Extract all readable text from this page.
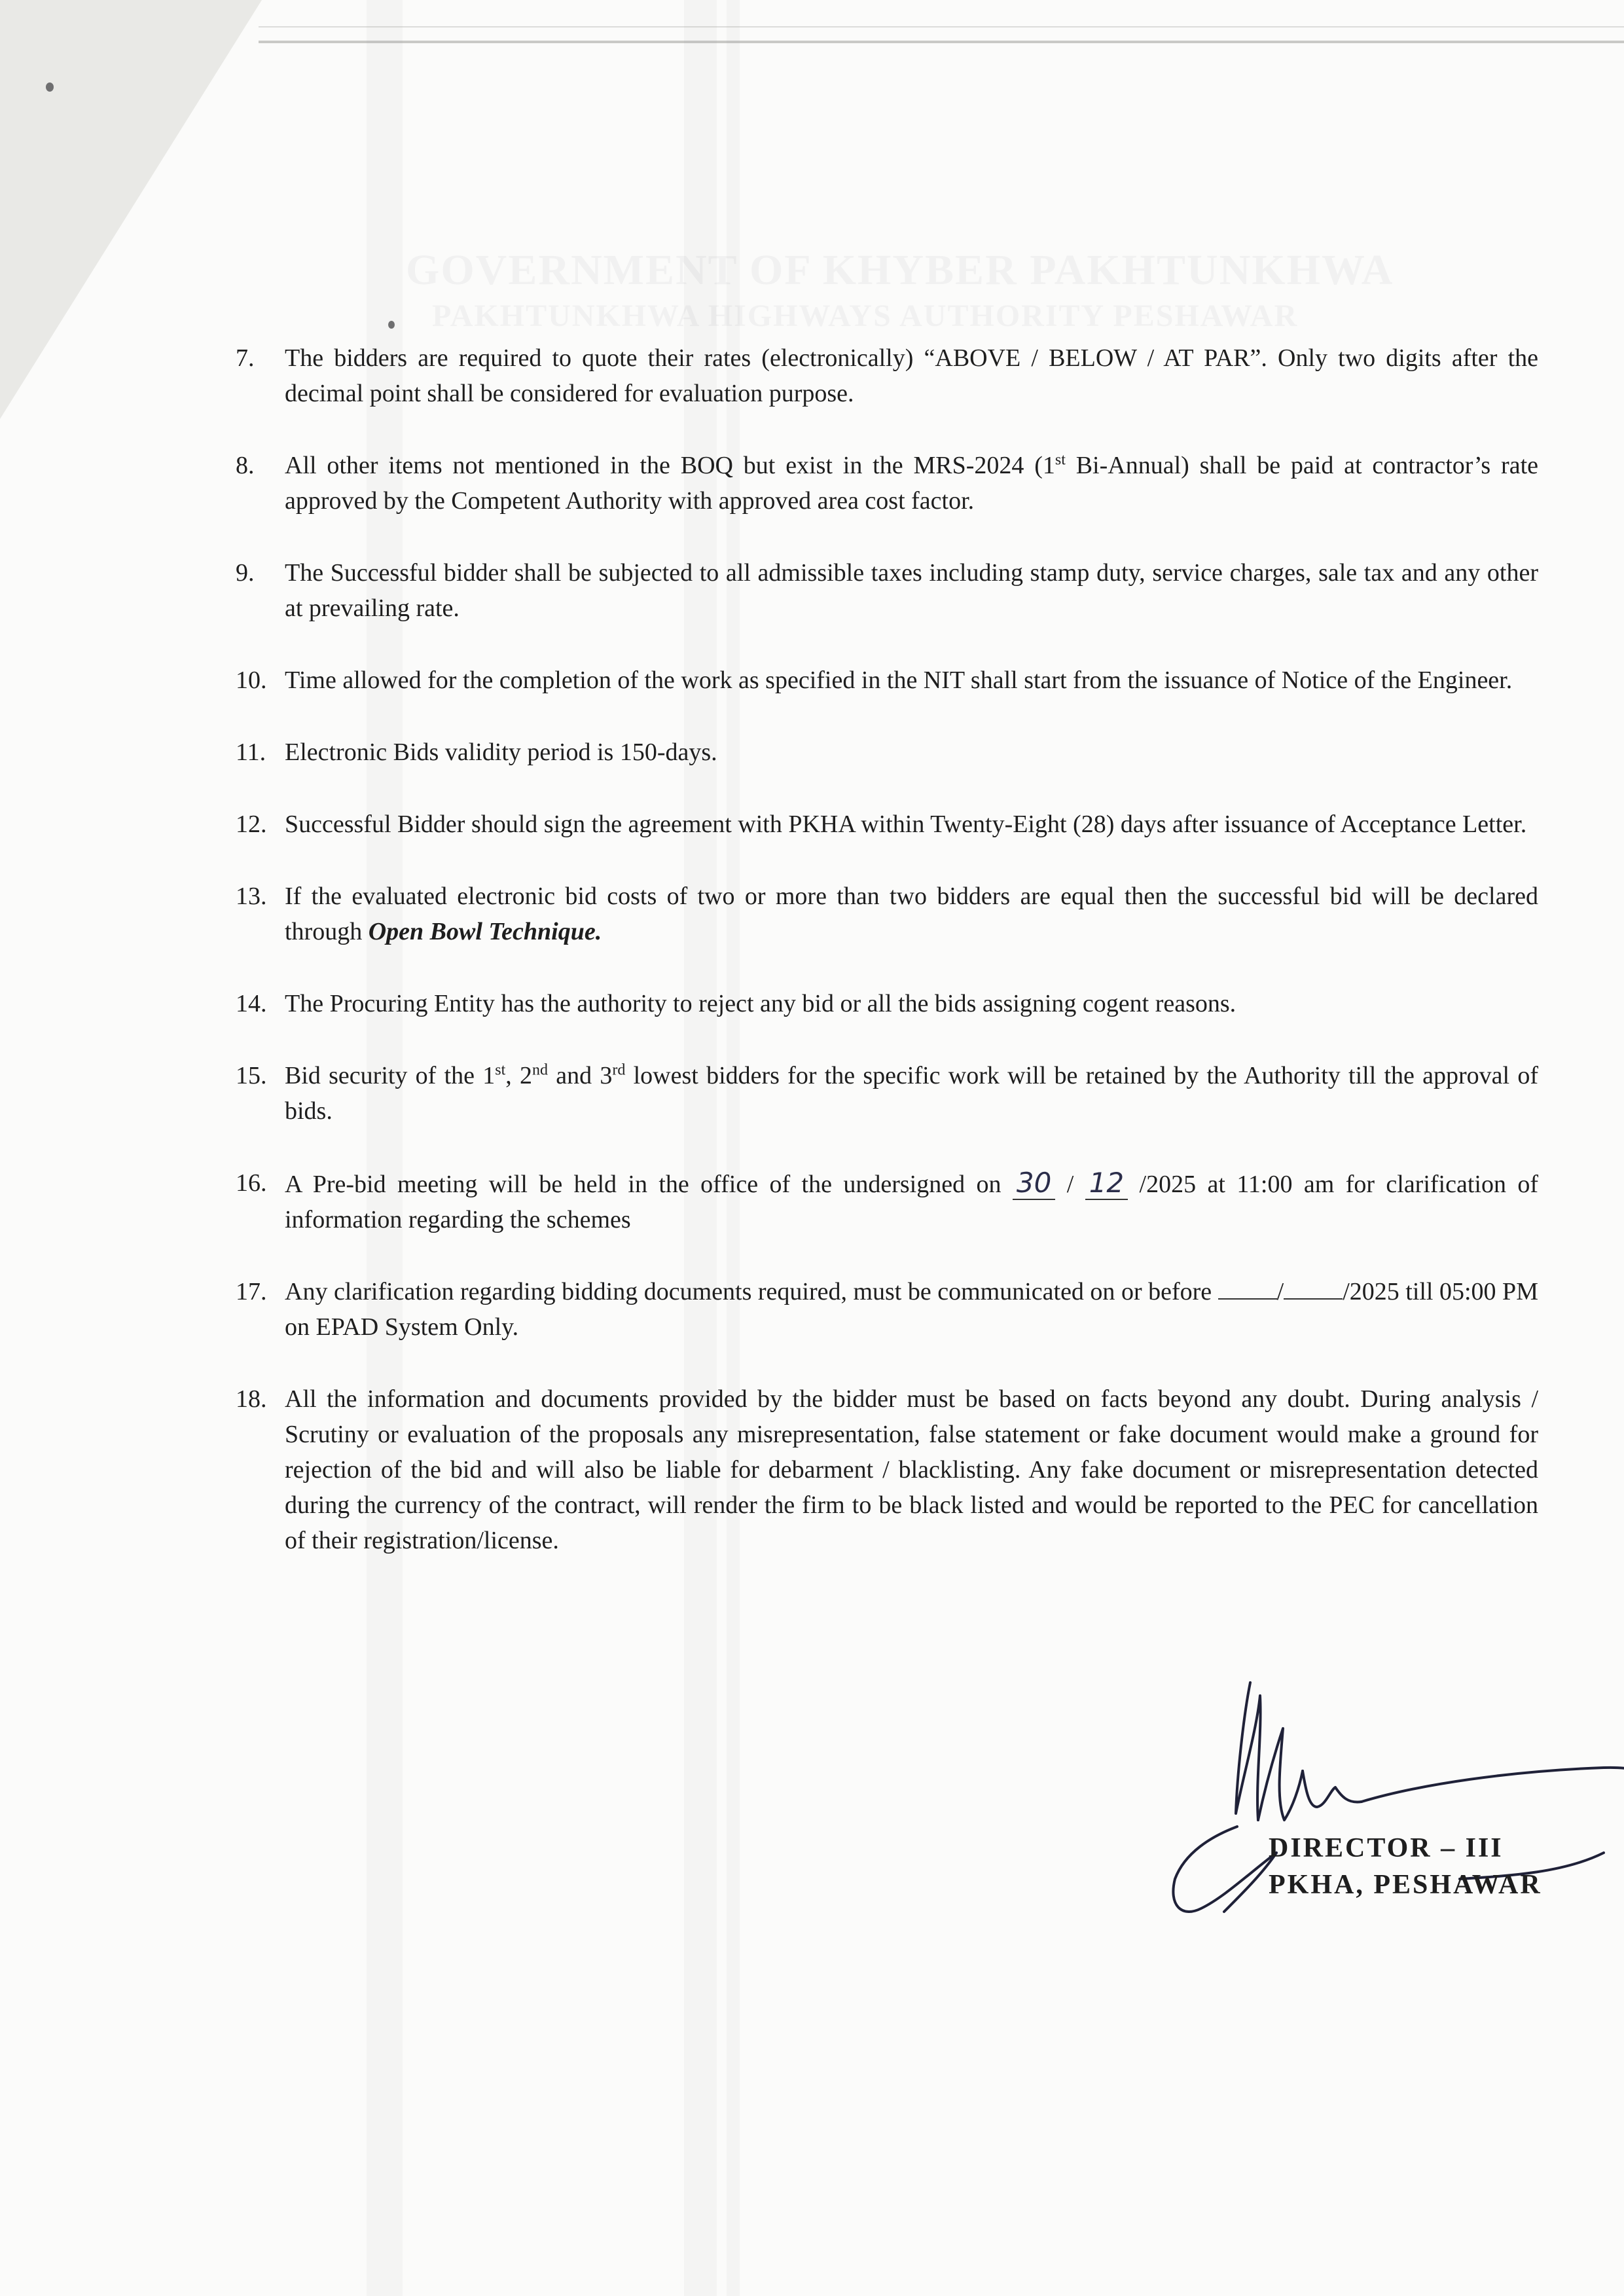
GOVERNMENT OF KHYBER PAKHTUNKHWA
PAKHTUNKHWA HIGHWAYS AUTHORITY PESHAWAR
7.	The bidders are required to quote their rates (electronically) “ABOVE / BELOW / AT PAR”. Only two digits after the decimal point shall be considered for evaluation purpose.
8.	All other items not mentioned in the BOQ but exist in the MRS-2024 (1st Bi-Annual) shall be paid at contractor’s rate approved by the Competent Authority with approved area cost factor.
9.	The Successful bidder shall be subjected to all admissible taxes including stamp duty, service charges, sale tax and any other at prevailing rate.
10. Time allowed for the completion of the work as specified in the NIT shall start from the issuance of Notice of the Engineer.
11. Electronic Bids validity period is 150-days.
12. Successful Bidder should sign the agreement with PKHA within Twenty-Eight (28) days after issuance of Acceptance Letter.
13. If the evaluated electronic bid costs of two or more than two bidders are equal then the successful bid will be declared through Open Bowl Technique.
14. The Procuring Entity has the authority to reject any bid or all the bids assigning cogent reasons.
15. Bid security of the 1st, 2nd and 3rd lowest bidders for the specific work will be retained by the Authority till the approval of bids.
16. A Pre-bid meeting will be held in the office of the undersigned on 30 / 12 /2025 at 11:00 am for clarification of information regarding the schemes
17. Any clarification regarding bidding documents required, must be communicated on or before / /2025 till 05:00 PM on EPAD System Only.
18. All the information and documents provided by the bidder must be based on facts beyond any doubt. During analysis / Scrutiny or evaluation of the proposals any misrepresentation, false statement or fake document would make a ground for rejection of the bid and will also be liable for debarment / blacklisting. Any fake document or misrepresentation detected during the currency of the contract, will render the firm to be black listed and would be reported to the PEC for cancellation of their registration/license.
DIRECTOR – III
PKHA, PESHAWAR
